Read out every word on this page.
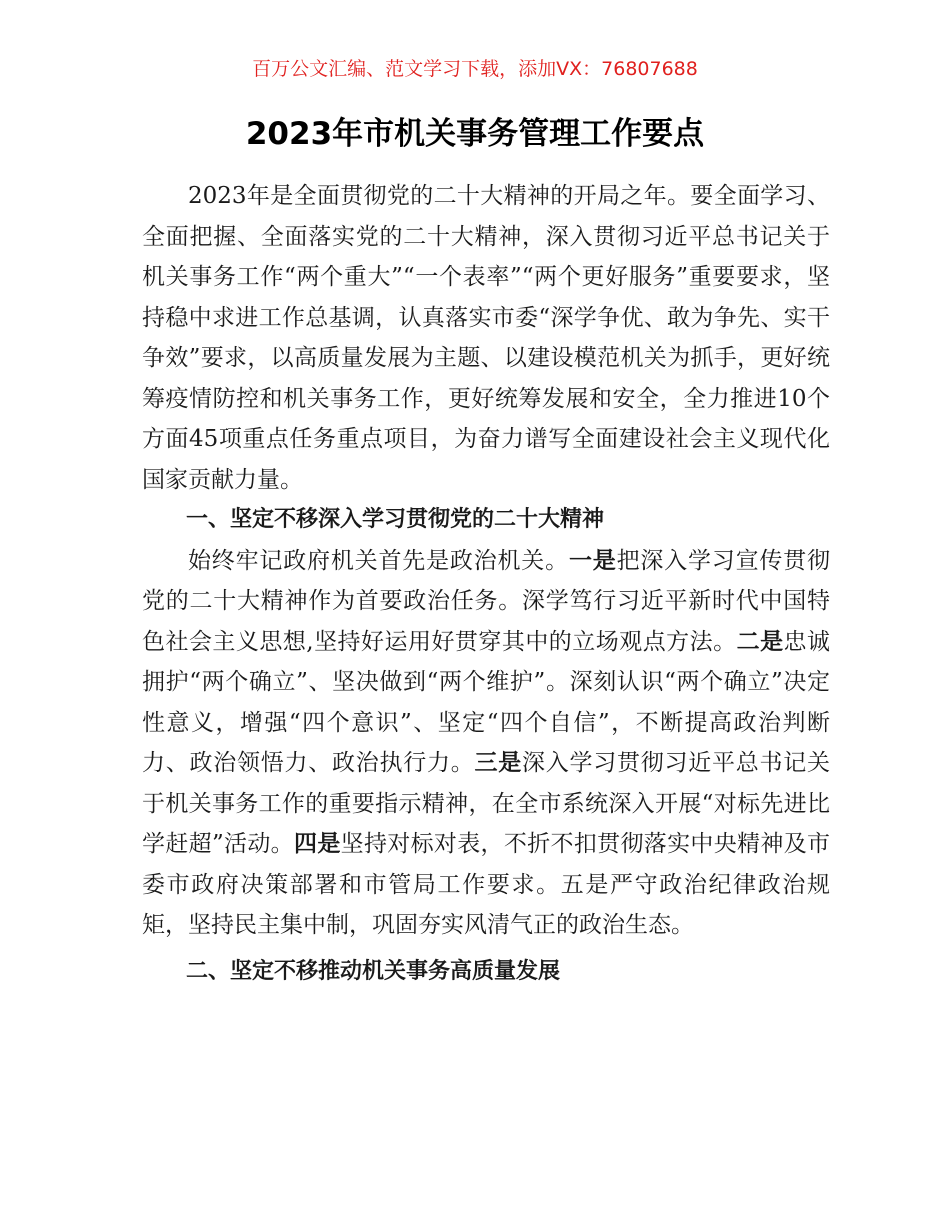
百万公文汇编、范文学习下载，添加VX：76807688
2023年市机关事务管理工作要点

2023年是全面贯彻党的二十大精神的开局之年。要全面学习、全面把握、全面落实党的二十大精神，深入贯彻习近平总书记关于机关事务工作“两个重大”“一个表率”“两个更好服务”重要要求，坚持稳中求进工作总基调，认真落实市委“深学争优、敢为争先、实干争效”要求，以高质量发展为主题、以建设模范机关为抓手，更好统筹疫情防控和机关事务工作，更好统筹发展和安全，全力推进10个方面45项重点任务重点项目，为奋力谱写全面建设社会主义现代化国家贡献力量。

一、坚定不移深入学习贯彻党的二十大精神

始终牢记政府机关首先是政治机关。一是把深入学习宣传贯彻党的二十大精神作为首要政治任务。深学笃行习近平新时代中国特色社会主义思想,坚持好运用好贯穿其中的立场观点方法。二是忠诚拥护“两个确立”、坚决做到“两个维护”。深刻认识“两个确立”决定性意义，增强“四个意识”、坚定“四个自信”，不断提高政治判断力、政治领悟力、政治执行力。三是深入学习贯彻习近平总书记关于机关事务工作的重要指示精神，在全市系统深入开展“对标先进比学赶超”活动。四是坚持对标对表，不折不扣贯彻落实中央精神及市委市政府决策部署和市管局工作要求。五是严守政治纪律政治规矩，坚持民主集中制，巩固夯实风清气正的政治生态。

二、坚定不移推动机关事务高质量发展
